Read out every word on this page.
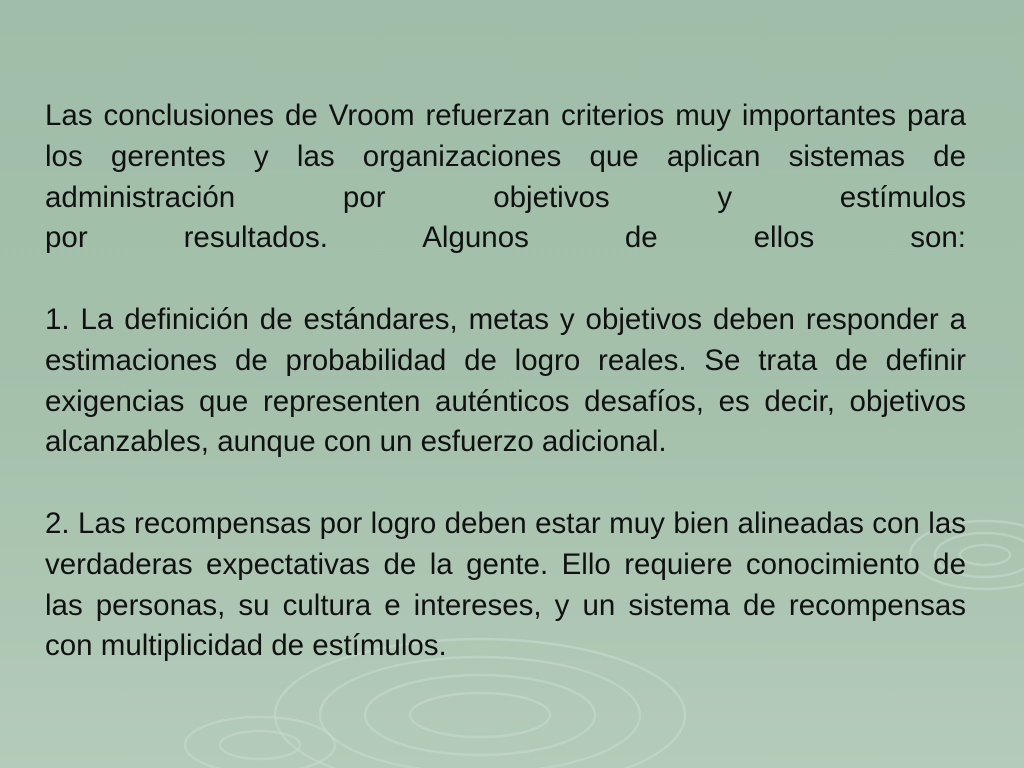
Las conclusiones de Vroom refuerzan criterios muy importantes para los gerentes y las organizaciones que aplican sistemas de administración por objetivos y estímulos
por resultados. Algunos de ellos son:

1. La definición de estándares, metas y objetivos deben responder a estimaciones de probabilidad de logro reales. Se trata de definir exigencias que representen auténticos desafíos, es decir, objetivos alcanzables, aunque con un esfuerzo adicional.

2. Las recompensas por logro deben estar muy bien alineadas con las verdaderas expectativas de la gente. Ello requiere conocimiento de las personas, su cultura e intereses, y un sistema de recompensas con multiplicidad de estímulos.
